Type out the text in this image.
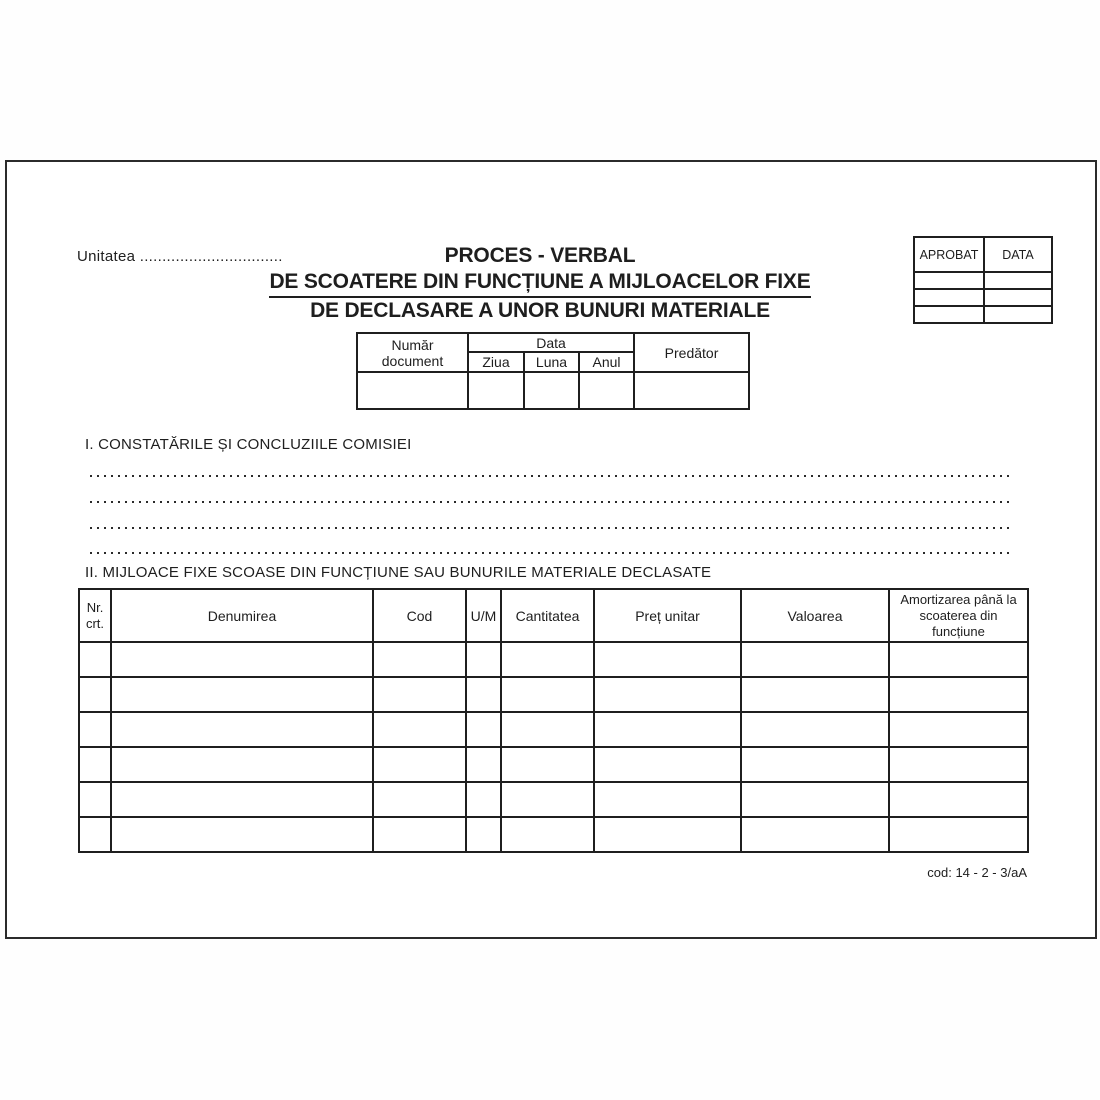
Unitatea ................................	PROCES - VERBAL
DE SCOATERE DIN FUNCȚIUNE A MIJLOACELOR FIXE
DE DECLASARE A UNOR BUNURI MATERIALE
APROBAT	DATA

Număr document	Data			Predător
	Ziua	Luna	Anul	

I. CONSTATĂRILE ȘI CONCLUZIILE COMISIEI
II. MIJLOACE FIXE SCOASE DIN FUNCȚIUNE SAU BUNURILE MATERIALE DECLASATE
Nr. crt.	Denumirea	Cod	U/M	Cantitatea	Preț unitar	Valoarea	Amortizarea până la scoaterea din funcțiune

cod: 14 - 2 - 3/aA
